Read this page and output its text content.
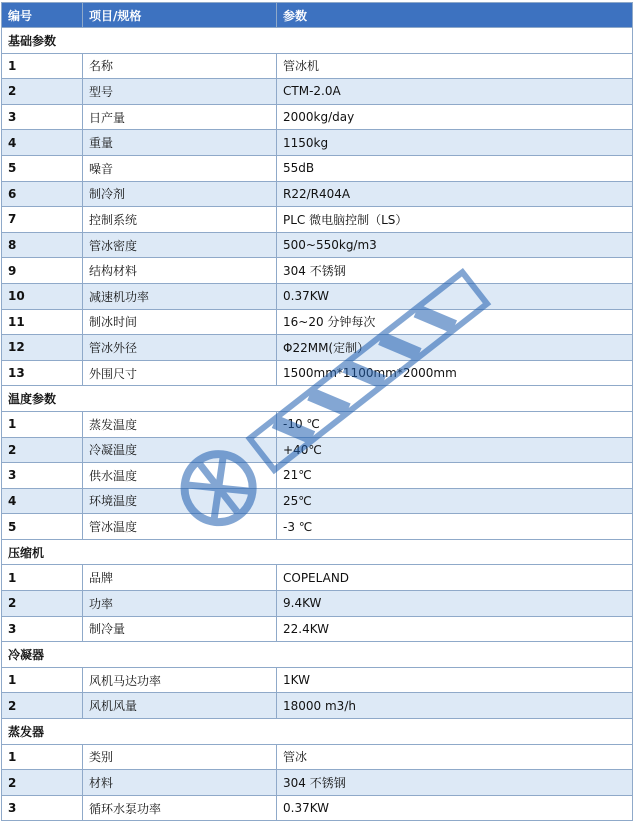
编号	项目/规格	参数
基础参数		
1	名称	管冰机
2	型号	CTM-2.0A
3	日产量	2000kg/day
4	重量	1150kg
5	噪音	55dB
6	制冷剂	R22/R404A
7	控制系统	PLC 微电脑控制（LS）
8	管冰密度	500~550kg/m3
9	结构材料	304 不锈钢
10	减速机功率	0.37KW
11	制冰时间	16~20 分钟每次
12	管冰外径	Φ22MM(定制）
13	外围尺寸	1500mm*1100mm*2000mm
温度参数		
1	蒸发温度	-10 ℃
2	冷凝温度	+40℃
3	供水温度	21℃
4	环境温度	25℃
5	管冰温度	-3 ℃
压缩机		
1	品牌	COPELAND
2	功率	9.4KW
3	制冷量	22.4KW
冷凝器		
1	风机马达功率	1KW
2	风机风量	18000 m3/h
蒸发器		
1	类别	管冰
2	材料	304 不锈钢
3	循环水泵功率	0.37KW
